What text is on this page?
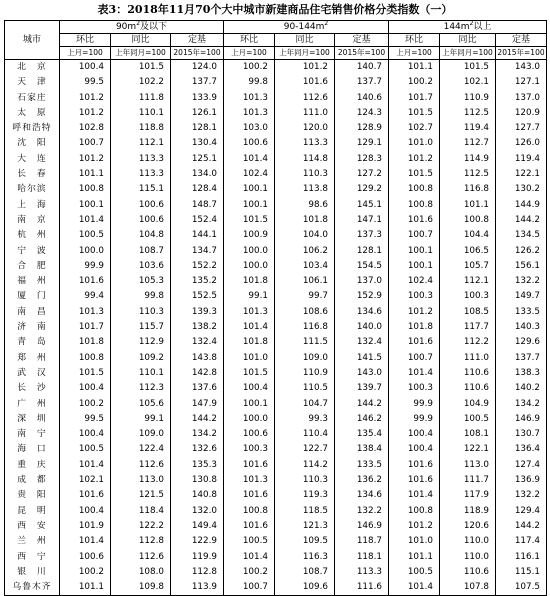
表3：2018年11月70个大中城市新建商品住宅销售价格分类指数（一）
城市	$90m^2$及以下			$90-144m^2$			$144m^2$以上		
	环比	同比	定基	环比	同比	定基	环比	同比	定基
	上月=100	上年同月=100	2015年=100	上月=100	上年同月=100	2015年=100	上月=100	上年同月=100	2015年=100
北　京	100.4	101.5	124.0	100.2	101.2	140.7	101.1	101.5	143.0
天　津	99.5	102.2	137.7	99.8	101.6	137.7	100.2	102.1	127.1
石家庄	101.2	111.8	133.9	101.3	112.6	140.6	101.7	110.9	137.0
太　原	101.2	110.1	126.1	101.3	111.0	124.3	101.5	112.5	120.9
呼和浩特	102.8	118.8	128.1	103.0	120.0	128.9	102.7	119.4	127.7
沈　阳	100.7	112.1	130.4	100.6	113.3	129.1	101.0	112.7	126.0
大　连	101.2	113.3	125.1	101.4	114.8	128.3	101.2	114.9	119.4
长　春	101.1	113.3	134.0	102.4	110.3	127.2	101.5	112.5	122.1
哈尔滨	100.8	115.1	128.4	100.1	113.8	129.2	100.8	116.8	130.2
上　海	100.1	100.6	148.7	100.1	98.6	145.1	100.8	101.1	144.9
南　京	101.4	100.6	152.4	101.5	101.8	147.1	101.6	100.8	144.2
杭　州	100.5	104.8	144.1	100.9	104.0	137.3	100.7	104.4	134.5
宁　波	100.0	108.7	134.7	100.0	106.2	128.1	100.1	106.5	126.2
合　肥	99.9	103.6	152.2	100.0	103.4	154.5	100.1	105.7	156.1
福　州	101.6	105.3	135.2	101.8	106.1	137.0	102.4	112.1	132.2
厦　门	99.4	99.8	152.5	99.1	99.7	152.9	100.3	100.3	149.7
南　昌	101.3	110.3	139.3	101.3	108.6	134.6	101.2	108.5	133.5
济　南	101.7	115.7	138.2	101.4	116.8	140.0	101.8	117.7	140.3
青　岛	101.8	112.9	132.4	101.8	111.5	132.4	101.6	112.2	129.6
郑　州	100.8	109.2	143.8	101.0	109.0	141.5	100.7	111.0	137.7
武　汉	101.5	110.1	142.8	101.5	110.9	143.0	101.4	110.6	138.3
长　沙	100.4	112.3	137.6	100.4	110.5	139.7	100.3	110.6	140.2
广　州	100.2	105.6	147.9	100.1	104.7	144.2	99.9	104.9	134.2
深　圳	99.5	99.1	144.2	100.0	99.3	146.2	99.9	100.5	146.9
南　宁	100.4	109.0	134.2	100.6	110.4	135.4	100.4	108.1	130.7
海　口	100.5	122.4	132.6	100.3	122.7	138.4	100.4	122.1	136.4
重　庆	101.4	112.6	135.3	101.6	114.2	133.5	101.6	113.0	127.4
成　都	102.1	113.0	130.8	101.3	110.3	136.2	101.6	111.7	136.9
贵　阳	101.6	121.5	140.8	101.6	119.3	134.6	101.4	117.9	132.2
昆　明	100.4	118.4	132.0	100.8	118.5	132.2	100.8	118.9	129.4
西　安	101.9	122.2	149.4	101.6	121.3	146.9	101.2	120.6	144.2
兰　州	101.4	112.8	122.9	100.5	109.5	118.7	101.0	110.0	117.4
西　宁	100.6	112.6	119.9	101.4	116.3	118.1	101.1	110.0	116.1
银　川	100.2	108.0	112.8	100.2	108.7	113.3	100.5	110.6	115.1
乌鲁木齐	101.1	109.8	113.9	100.7	109.6	111.6	101.4	107.8	107.5
